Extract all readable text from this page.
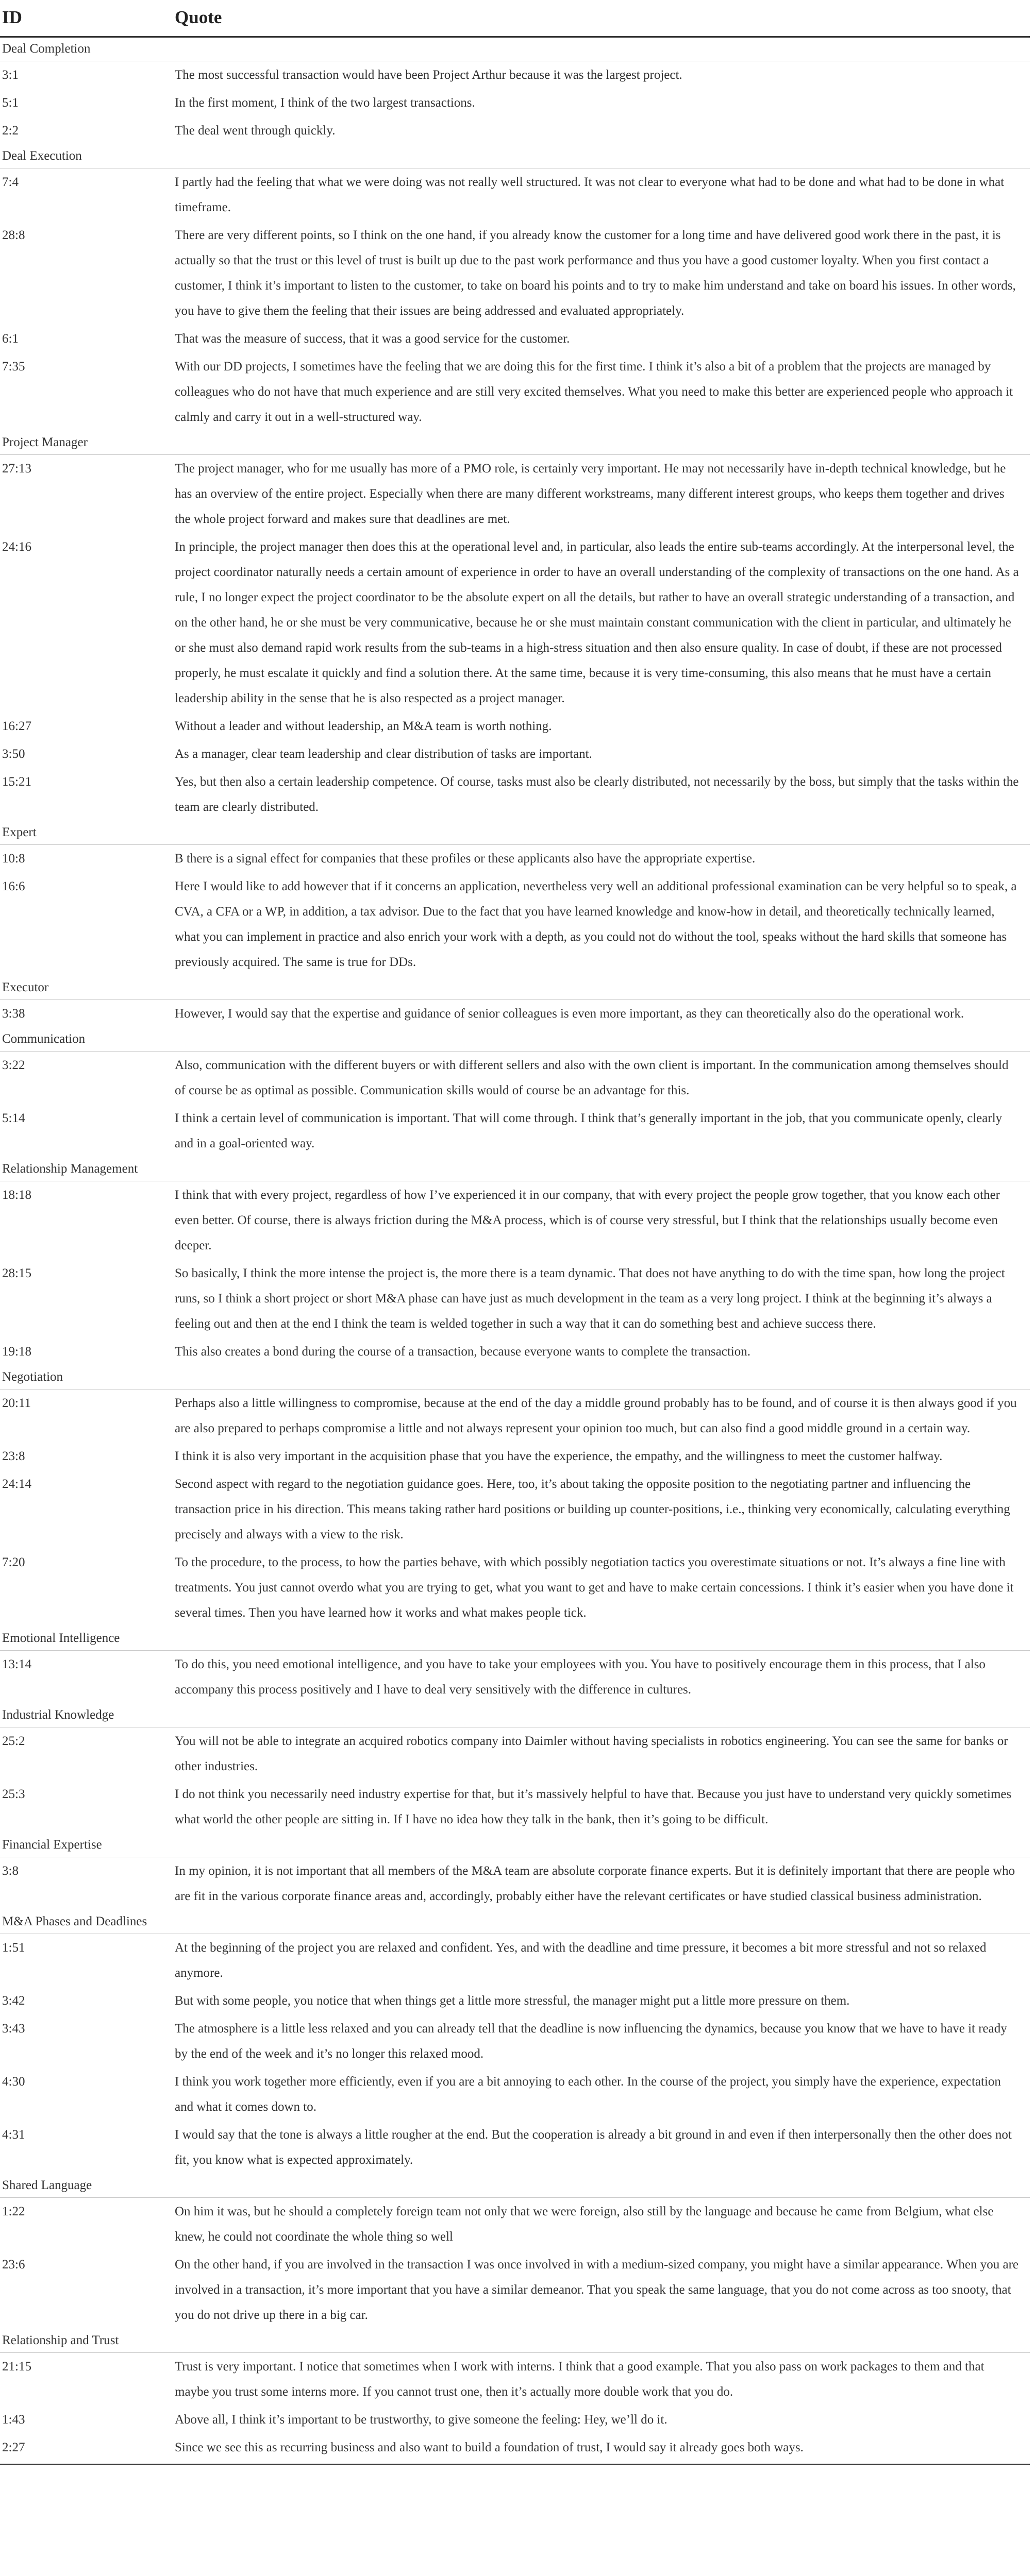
ID	Quote
Deal Completion	
3:1	The most successful transaction would have been Project Arthur because it was the largest project.
5:1	In the first moment, I think of the two largest transactions.
2:2	The deal went through quickly.
Deal Execution	
7:4	I partly had the feeling that what we were doing was not really well structured. It was not clear to everyone what had to be done and what had to be done in what timeframe.
28:8	There are very different points, so I think on the one hand, if you already know the customer for a long time and have delivered good work there in the past, it is actually so that the trust or this level of trust is built up due to the past work performance and thus you have a good customer loyalty. When you first contact a customer, I think it’s important to listen to the customer, to take on board his points and to try to make him understand and take on board his issues. In other words, you have to give them the feeling that their issues are being addressed and evaluated appropriately.
6:1	That was the measure of success, that it was a good service for the customer.
7:35	With our DD projects, I sometimes have the feeling that we are doing this for the first time. I think it’s also a bit of a problem that the projects are managed by colleagues who do not have that much experience and are still very excited themselves. What you need to make this better are experienced people who approach it calmly and carry it out in a well-structured way.
Project Manager	
27:13	The project manager, who for me usually has more of a PMO role, is certainly very important. He may not necessarily have in-depth technical knowledge, but he has an overview of the entire project. Especially when there are many different workstreams, many different interest groups, who keeps them together and drives the whole project forward and makes sure that deadlines are met.
24:16	In principle, the project manager then does this at the operational level and, in particular, also leads the entire sub-teams accordingly. At the interpersonal level, the project coordinator naturally needs a certain amount of experience in order to have an overall understanding of the complexity of transactions on the one hand. As a rule, I no longer expect the project coordinator to be the absolute expert on all the details, but rather to have an overall strategic understanding of a transaction, and on the other hand, he or she must be very communicative, because he or she must maintain constant communication with the client in particular, and ultimately he or she must also demand rapid work results from the sub-teams in a high-stress situation and then also ensure quality. In case of doubt, if these are not processed properly, he must escalate it quickly and find a solution there. At the same time, because it is very time-consuming, this also means that he must have a certain leadership ability in the sense that he is also respected as a project manager.
16:27	Without a leader and without leadership, an M&A team is worth nothing.
3:50	As a manager, clear team leadership and clear distribution of tasks are important.
15:21	Yes, but then also a certain leadership competence. Of course, tasks must also be clearly distributed, not necessarily by the boss, but simply that the tasks within the team are clearly distributed.
Expert	
10:8	B there is a signal effect for companies that these profiles or these applicants also have the appropriate expertise.
16:6	Here I would like to add however that if it concerns an application, nevertheless very well an additional professional examination can be very helpful so to speak, a CVA, a CFA or a WP, in addition, a tax advisor. Due to the fact that you have learned knowledge and know-how in detail, and theoretically technically learned, what you can implement in practice and also enrich your work with a depth, as you could not do without the tool, speaks without the hard skills that someone has previously acquired. The same is true for DDs.
Executor	
3:38	However, I would say that the expertise and guidance of senior colleagues is even more important, as they can theoretically also do the operational work.
Communication	
3:22	Also, communication with the different buyers or with different sellers and also with the own client is important. In the communication among themselves should of course be as optimal as possible. Communication skills would of course be an advantage for this.
5:14	I think a certain level of communication is important. That will come through. I think that’s generally important in the job, that you communicate openly, clearly and in a goal-oriented way.
Relationship Management	
18:18	I think that with every project, regardless of how I’ve experienced it in our company, that with every project the people grow together, that you know each other even better. Of course, there is always friction during the M&A process, which is of course very stressful, but I think that the relationships usually become even deeper.
28:15	So basically, I think the more intense the project is, the more there is a team dynamic. That does not have anything to do with the time span, how long the project runs, so I think a short project or short M&A phase can have just as much development in the team as a very long project. I think at the beginning it’s always a feeling out and then at the end I think the team is welded together in such a way that it can do something best and achieve success there.
19:18	This also creates a bond during the course of a transaction, because everyone wants to complete the transaction.
Negotiation	
20:11	Perhaps also a little willingness to compromise, because at the end of the day a middle ground probably has to be found, and of course it is then always good if you are also prepared to perhaps compromise a little and not always represent your opinion too much, but can also find a good middle ground in a certain way.
23:8	I think it is also very important in the acquisition phase that you have the experience, the empathy, and the willingness to meet the customer halfway.
24:14	Second aspect with regard to the negotiation guidance goes. Here, too, it’s about taking the opposite position to the negotiating partner and influencing the transaction price in his direction. This means taking rather hard positions or building up counter-positions, i.e., thinking very economically, calculating everything precisely and always with a view to the risk.
7:20	To the procedure, to the process, to how the parties behave, with which possibly negotiation tactics you overestimate situations or not. It’s always a fine line with treatments. You just cannot overdo what you are trying to get, what you want to get and have to make certain concessions. I think it’s easier when you have done it several times. Then you have learned how it works and what makes people tick.
Emotional Intelligence	
13:14	To do this, you need emotional intelligence, and you have to take your employees with you. You have to positively encourage them in this process, that I also accompany this process positively and I have to deal very sensitively with the difference in cultures.
Industrial Knowledge	
25:2	You will not be able to integrate an acquired robotics company into Daimler without having specialists in robotics engineering. You can see the same for banks or other industries.
25:3	I do not think you necessarily need industry expertise for that, but it’s massively helpful to have that. Because you just have to understand very quickly sometimes what world the other people are sitting in. If I have no idea how they talk in the bank, then it’s going to be difficult.
Financial Expertise	
3:8	In my opinion, it is not important that all members of the M&A team are absolute corporate finance experts. But it is definitely important that there are people who are fit in the various corporate finance areas and, accordingly, probably either have the relevant certificates or have studied classical business administration.
M&A Phases and Deadlines	
1:51	At the beginning of the project you are relaxed and confident. Yes, and with the deadline and time pressure, it becomes a bit more stressful and not so relaxed anymore.
3:42	But with some people, you notice that when things get a little more stressful, the manager might put a little more pressure on them.
3:43	The atmosphere is a little less relaxed and you can already tell that the deadline is now influencing the dynamics, because you know that we have to have it ready by the end of the week and it’s no longer this relaxed mood.
4:30	I think you work together more efficiently, even if you are a bit annoying to each other. In the course of the project, you simply have the experience, expectation and what it comes down to.
4:31	I would say that the tone is always a little rougher at the end. But the cooperation is already a bit ground in and even if then interpersonally then the other does not fit, you know what is expected approximately.
Shared Language	
1:22	On him it was, but he should a completely foreign team not only that we were foreign, also still by the language and because he came from Belgium, what else knew, he could not coordinate the whole thing so well
23:6	On the other hand, if you are involved in the transaction I was once involved in with a medium-sized company, you might have a similar appearance. When you are involved in a transaction, it’s more important that you have a similar demeanor. That you speak the same language, that you do not come across as too snooty, that you do not drive up there in a big car.
Relationship and Trust	
21:15	Trust is very important. I notice that sometimes when I work with interns. I think that a good example. That you also pass on work packages to them and that maybe you trust some interns more. If you cannot trust one, then it’s actually more double work that you do.
1:43	Above all, I think it’s important to be trustworthy, to give someone the feeling: Hey, we’ll do it.
2:27	Since we see this as recurring business and also want to build a foundation of trust, I would say it already goes both ways.
